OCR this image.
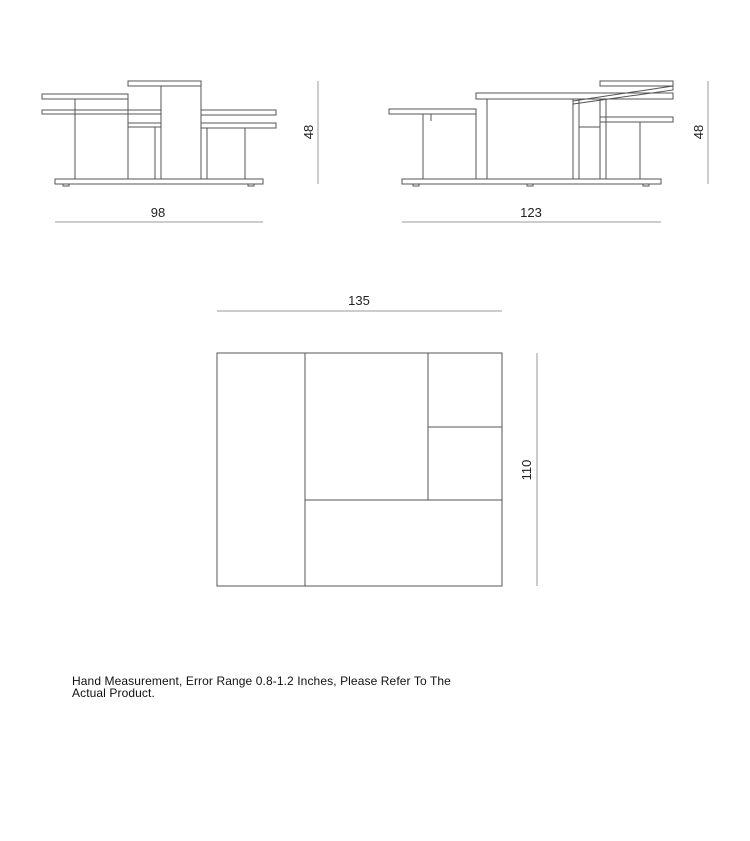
98
48
123
48
135
110
Hand Measurement, Error Range 0.8-1.2 Inches, Please Refer To The
Actual Product.
